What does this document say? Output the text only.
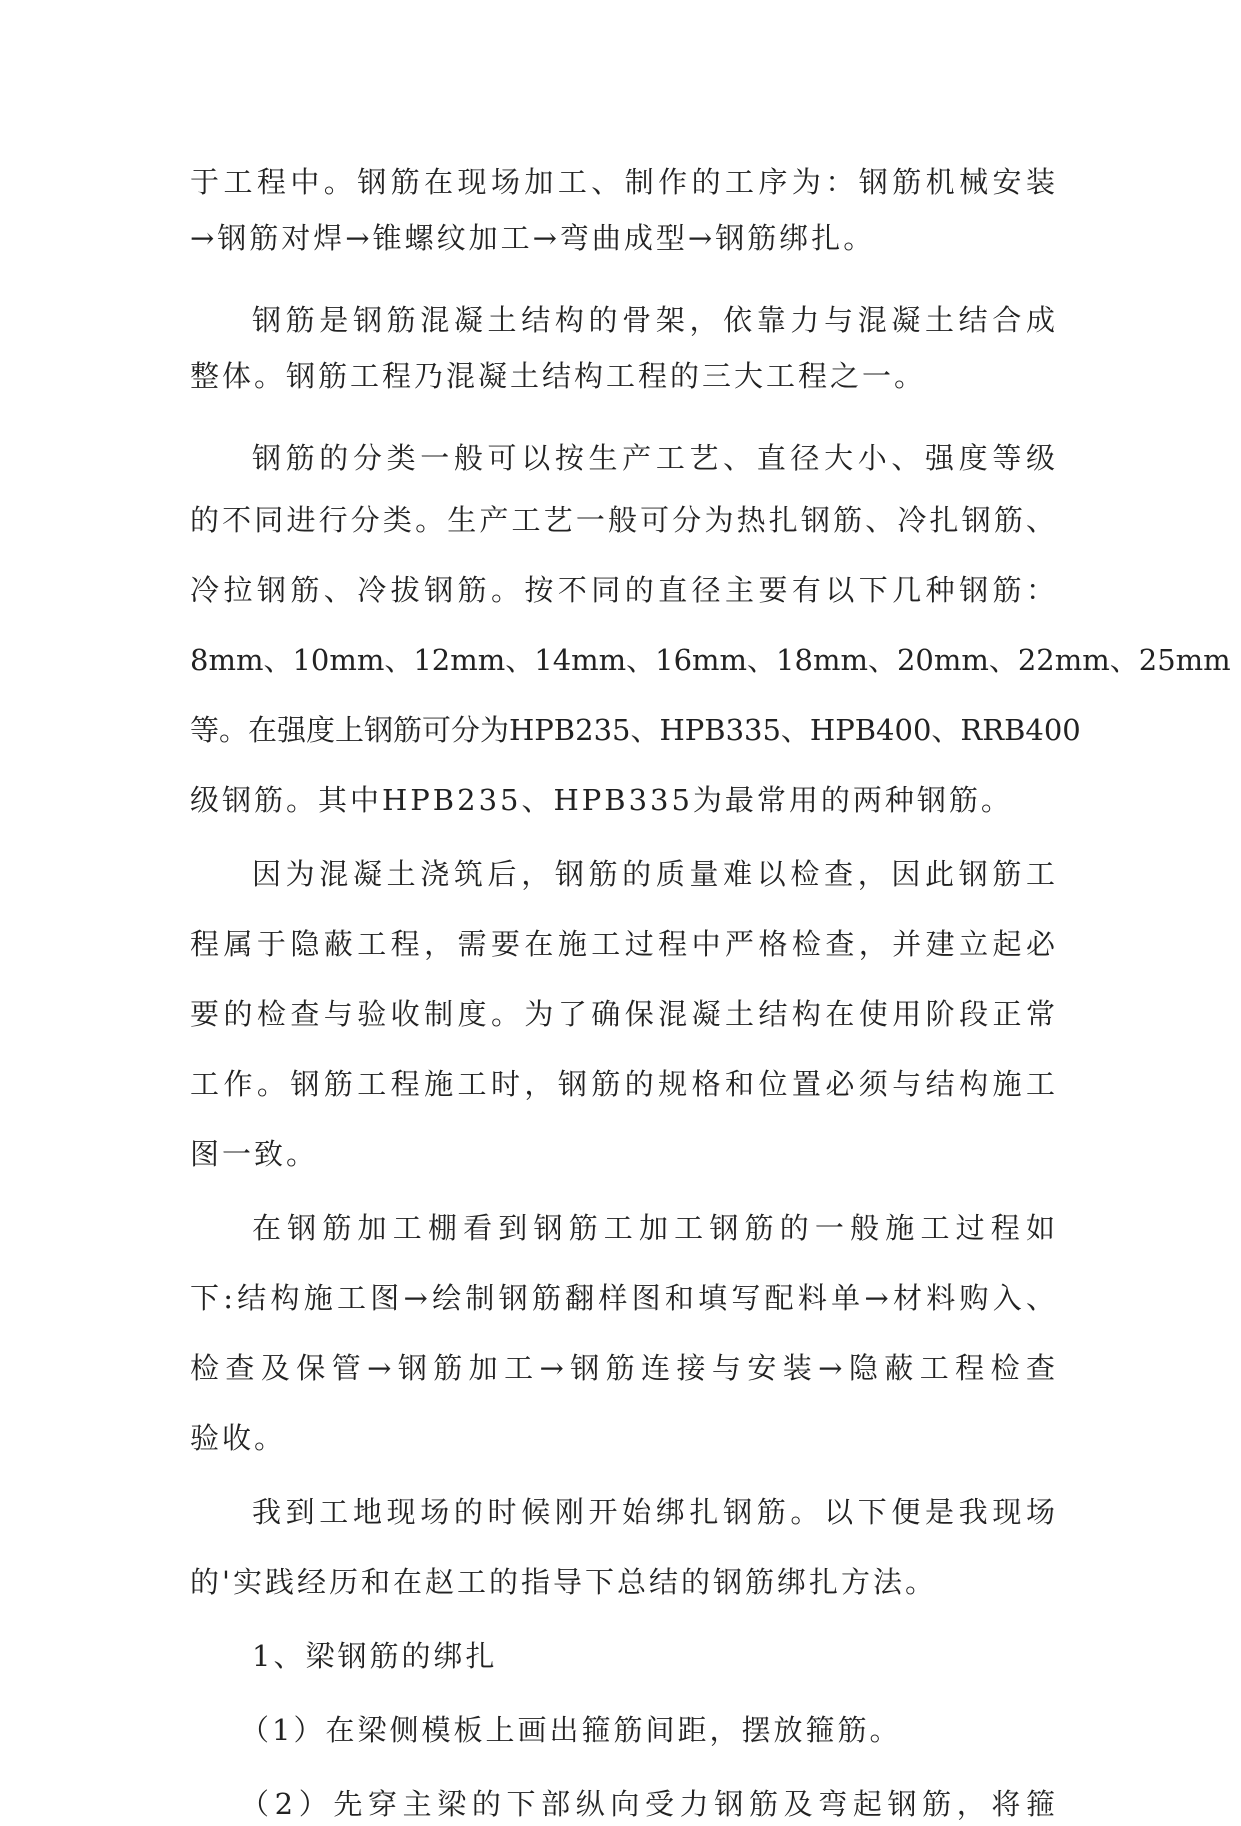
于工程中。钢筋在现场加工、制作的工序为：钢筋机械安装
→钢筋对焊→锥螺纹加工→弯曲成型→钢筋绑扎。
钢筋是钢筋混凝土结构的骨架，依靠力与混凝土结合成
整体。钢筋工程乃混凝土结构工程的三大工程之一。
钢筋的分类一般可以按生产工艺、直径大小、强度等级
的不同进行分类。生产工艺一般可分为热扎钢筋、冷扎钢筋、
冷拉钢筋、冷拔钢筋。按不同的直径主要有以下几种钢筋：
8mm、10mm、12mm、14mm、16mm、18mm、20mm、22mm、25mm
等。在强度上钢筋可分为HPB235、HPB335、HPB400、RRB400
级钢筋。其中HPB235、HPB335为最常用的两种钢筋。
因为混凝土浇筑后，钢筋的质量难以检查，因此钢筋工
程属于隐蔽工程，需要在施工过程中严格检查，并建立起必
要的检查与验收制度。为了确保混凝土结构在使用阶段正常
工作。钢筋工程施工时，钢筋的规格和位置必须与结构施工
图一致。
在钢筋加工棚看到钢筋工加工钢筋的一般施工过程如
下:结构施工图→绘制钢筋翻样图和填写配料单→材料购入、
检查及保管→钢筋加工→钢筋连接与安装→隐蔽工程检查
验收。
我到工地现场的时候刚开始绑扎钢筋。以下便是我现场
的'实践经历和在赵工的指导下总结的钢筋绑扎方法。
1、梁钢筋的绑扎
（1）在梁侧模板上画出箍筋间距，摆放箍筋。
（2）先穿主梁的下部纵向受力钢筋及弯起钢筋，将箍
